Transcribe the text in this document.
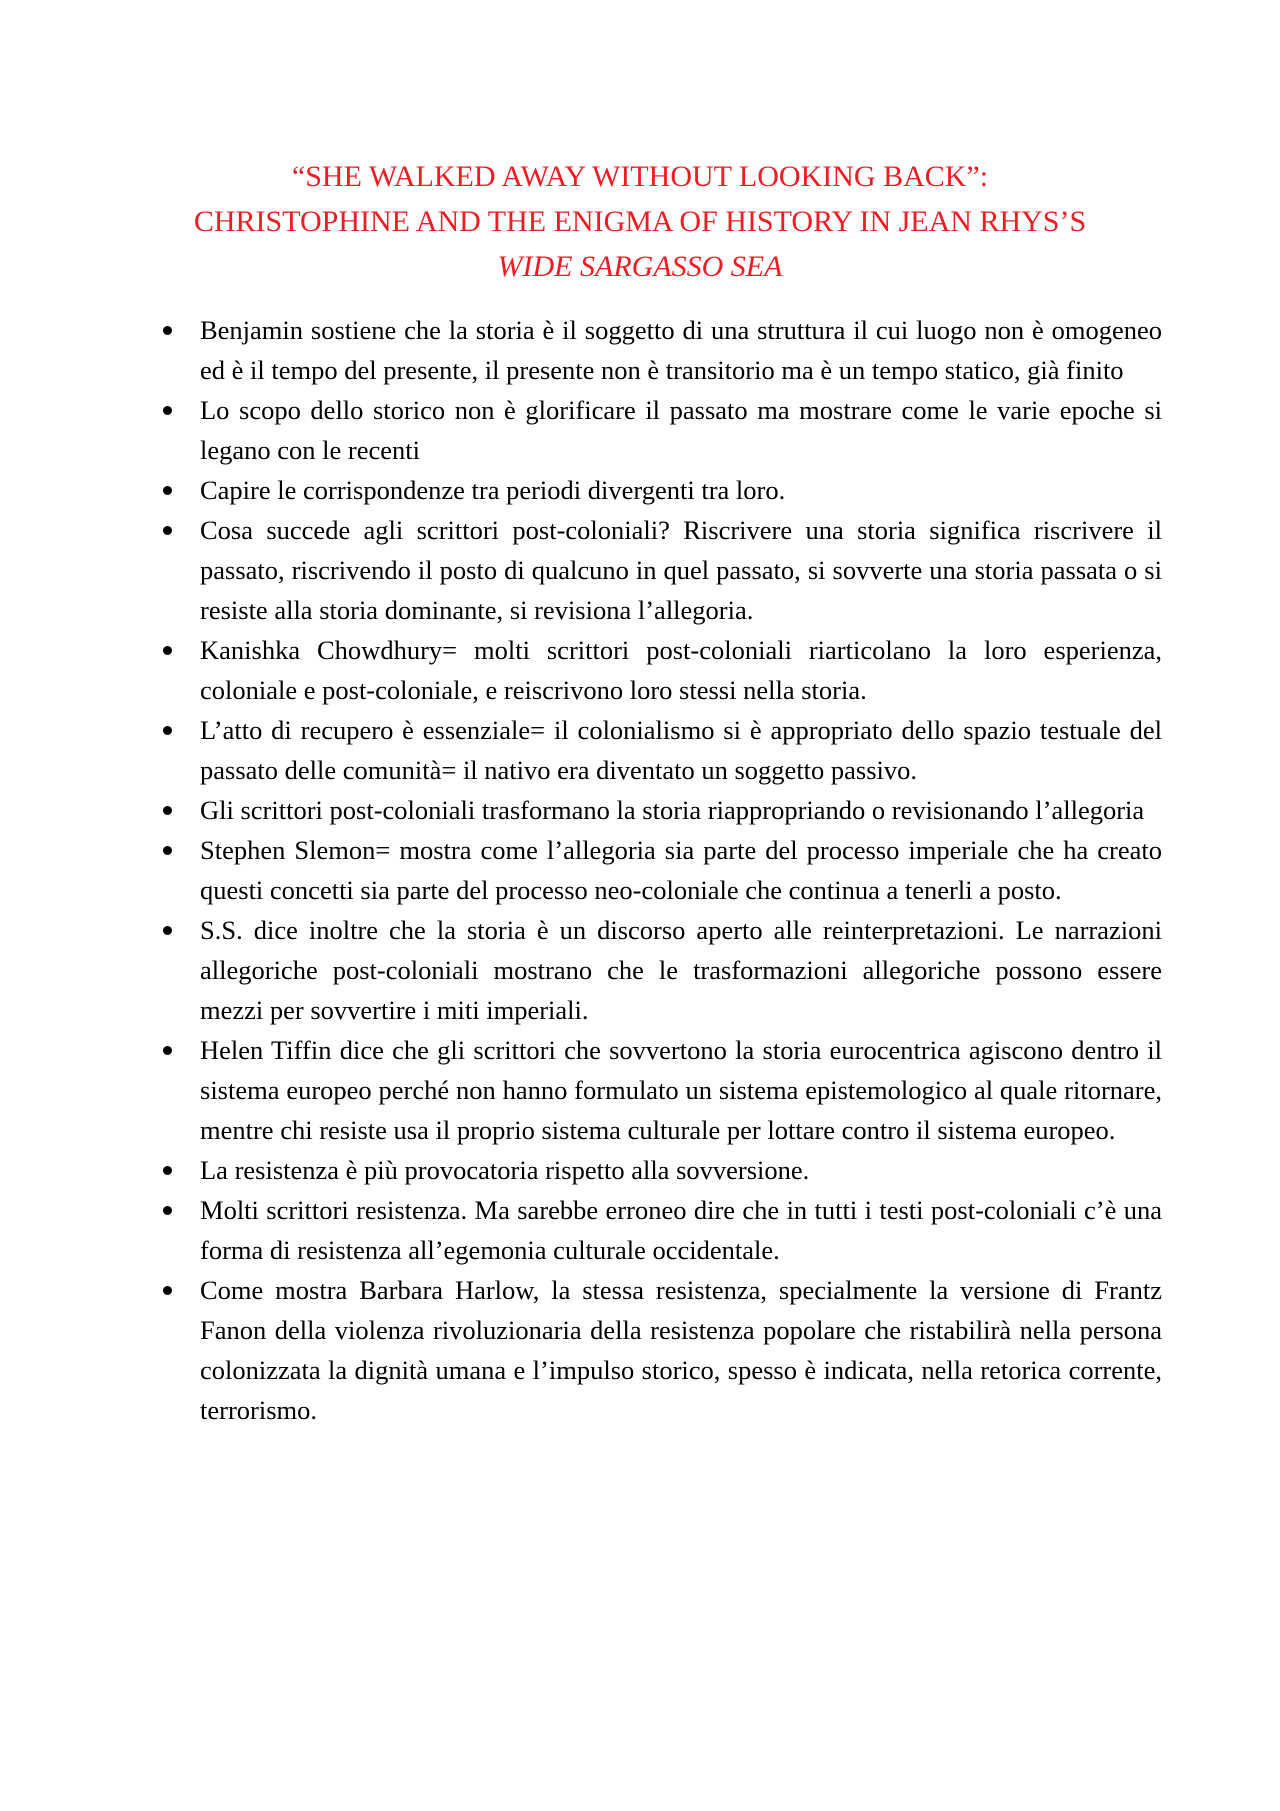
“SHE WALKED AWAY WITHOUT LOOKING BACK”:
CHRISTOPHINE AND THE ENIGMA OF HISTORY IN JEAN RHYS’S
WIDE SARGASSO SEA
Benjamin sostiene che la storia è il soggetto di una struttura il cui luogo non è omogeneo ed è il tempo del presente, il presente non è transitorio ma è un tempo statico, già finito
Lo scopo dello storico non è glorificare il passato ma mostrare come le varie epoche si legano con le recenti
Capire le corrispondenze tra periodi divergenti tra loro.
Cosa succede agli scrittori post-coloniali? Riscrivere una storia significa riscrivere il passato, riscrivendo il posto di qualcuno in quel passato, si sovverte una storia passata o si resiste alla storia dominante, si revisiona l’allegoria.
Kanishka Chowdhury= molti scrittori post-coloniali riarticolano la loro esperienza, coloniale e post-coloniale, e reiscrivono loro stessi nella storia.
L’atto di recupero è essenziale= il colonialismo si è appropriato dello spazio testuale del passato delle comunità= il nativo era diventato un soggetto passivo.
Gli scrittori post-coloniali trasformano la storia riappropriando o revisionando l’allegoria
Stephen Slemon= mostra come l’allegoria sia parte del processo imperiale che ha creato questi concetti sia parte del processo neo-coloniale che continua a tenerli a posto.
S.S. dice inoltre che la storia è un discorso aperto alle reinterpretazioni. Le narrazioni allegoriche post-coloniali mostrano che le trasformazioni allegoriche possono essere mezzi per sovvertire i miti imperiali.
Helen Tiffin dice che gli scrittori che sovvertono la storia eurocentrica agiscono dentro il sistema europeo perché non hanno formulato un sistema epistemologico al quale ritornare, mentre chi resiste usa il proprio sistema culturale per lottare contro il sistema europeo.
La resistenza è più provocatoria rispetto alla sovversione.
Molti scrittori resistenza. Ma sarebbe erroneo dire che in tutti i testi post-coloniali c’è una forma di resistenza all’egemonia culturale occidentale.
Come mostra Barbara Harlow, la stessa resistenza, specialmente la versione di Frantz Fanon della violenza rivoluzionaria della resistenza popolare che ristabilirà nella persona colonizzata la dignità umana e l’impulso storico, spesso è indicata, nella retorica corrente, terrorismo.
